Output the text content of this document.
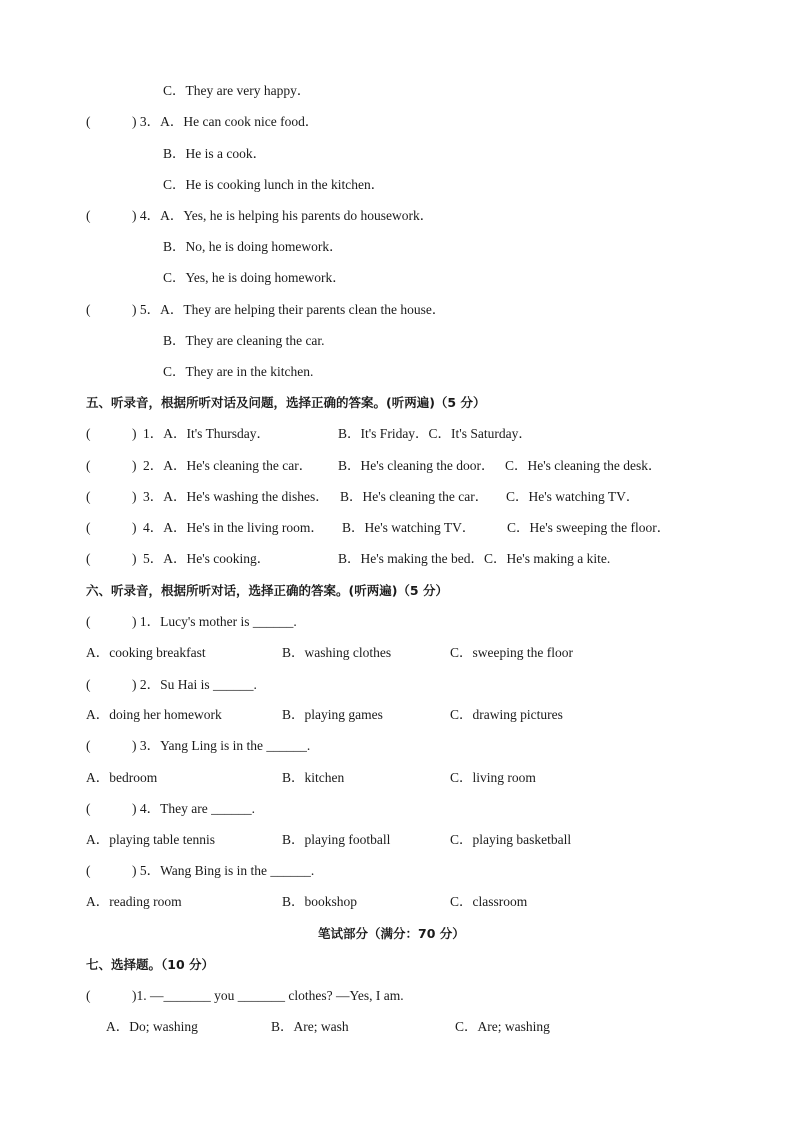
C．They are very happy．
(	) 3．A．He can cook nice food．
B．He is a cook．
C．He is cooking lunch in the kitchen．
(	) 4．A．Yes, he is helping his parents do housework．
B．No, he is doing homework．
C．Yes, he is doing homework．
(	) 5．A．They are helping their parents clean the house．
B．They are cleaning the car.
C．They are in the kitchen.
五、听录音，根据所听对话及问题，选择正确的答案。(听两遍)（5 分）
(	) 1．A．It's Thursday．	B．It's Friday．C．It's Saturday．
(	) 2．A．He's cleaning the car． B．He's cleaning the door． C．He's cleaning the desk．
(	) 3．A．He's washing the dishes． B．He's cleaning the car． C．He's watching TV．
(	) 4．A．He's in the living room． B．He's watching TV． C．He's sweeping the floor．
(	) 5．A．He's cooking．	B．He's making the bed．C．He's making a kite.
六、听录音，根据所听对话，选择正确的答案。(听两遍)（5 分）
(	) 1．Lucy's mother is ______.
A．cooking breakfast	B．washing clothes	C．sweeping the floor
(	) 2．Su Hai is ______.
A．doing her homework	B．playing games	C．drawing pictures
(	) 3．Yang Ling is in the ______.
A．bedroom	B．kitchen	C．living room
(	) 4．They are ______.
A．playing table tennis	B．playing football	C．playing basketball
(	) 5．Wang Bing is in the ______.
A．reading room	B．bookshop	C．classroom
笔试部分（满分：70 分）
七、选择题。（10 分）
(	)1. —_______ you _______ clothes? —Yes, I am.
A．Do; washing	B．Are; wash	C．Are; washing
